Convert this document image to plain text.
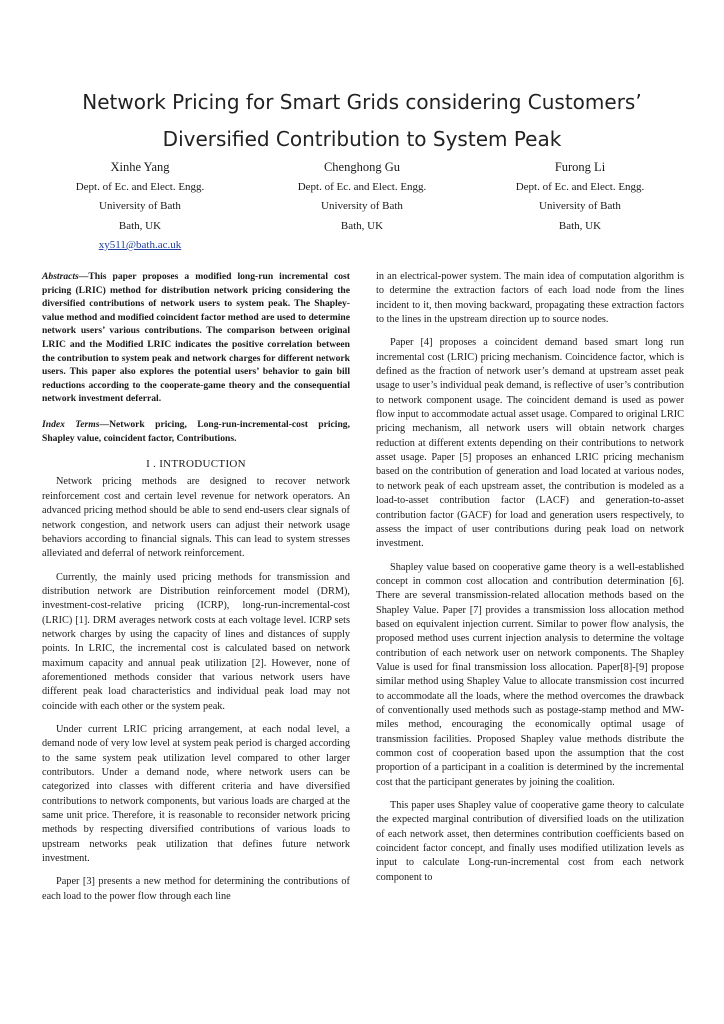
Network Pricing for Smart Grids considering Customers’
Diversified Contribution to System Peak
Xinhe Yang
Dept. of Ec. and Elect. Engg.
University of Bath
Bath, UK
xy511@bath.ac.uk
Chenghong Gu
Dept. of Ec. and Elect. Engg.
University of Bath
Bath, UK
Furong Li
Dept. of Ec. and Elect. Engg.
University of Bath
Bath, UK

Abstracts—This paper proposes a modified long-run incremental cost pricing (LRIC) method for distribution network pricing considering the diversified contributions of network users to system peak. The Shapley-value method and modified coincident factor method are used to determine network users’ various contributions. The comparison between original LRIC and the Modified LRIC indicates the positive correlation between the contribution to system peak and network charges for different network users. This paper also explores the potential users’ behavior to gain bill reductions according to the cooperate-game theory and the consequential network investment deferral.

Index Terms—Network pricing, Long-run-incremental-cost pricing, Shapley value, coincident factor, Contributions.

I . INTRODUCTION

Network pricing methods are designed to recover network reinforcement cost and certain level revenue for network operators. An advanced pricing method should be able to send end-users clear signals of network congestion, and network users can adjust their network usage behaviors according to financial signals. This can lead to system stresses alleviated and deferral of network reinforcement.

Currently, the mainly used pricing methods for transmission and distribution network are Distribution reinforcement model (DRM), investment-cost-relative pricing (ICRP), long-run-incremental-cost (LRIC) [1]. DRM averages network costs at each voltage level. ICRP sets network charges by using the capacity of lines and distances of supply points. In LRIC, the incremental cost is calculated based on network maximum capacity and annual peak utilization [2]. However, none of aforementioned methods consider that various network users have different peak load characteristics and individual peak load may not coincide with each other or the system peak.

Under current LRIC pricing arrangement, at each nodal level, a demand node of very low level at system peak period is charged according to the same system peak utilization level compared to other larger contributors. Under a demand node, where network users can be categorized into classes with different criteria and have diversified contributions to network components, but various loads are charged at the same unit price. Therefore, it is reasonable to reconsider network pricing methods by respecting diversified contributions of various loads to upstream networks peak utilization that defines future network investment.

Paper [3] presents a new method for determining the contributions of each load to the power flow through each line

in an electrical-power system. The main idea of computation algorithm is to determine the extraction factors of each load node from the lines incident to it, then moving backward, propagating these extraction factors to the lines in the upstream direction up to source nodes.

Paper [4] proposes a coincident demand based smart long run incremental cost (LRIC) pricing mechanism. Coincidence factor, which is defined as the fraction of network user’s demand at upstream asset peak usage to user’s individual peak demand, is reflective of user’s contribution to network component usage. The coincident demand is used as power flow input to accommodate actual asset usage. Compared to original LRIC pricing mechanism, all network users will obtain network charges reduction at different extents depending on their contributions to network asset usage. Paper [5] proposes an enhanced LRIC pricing mechanism based on the contribution of generation and load located at various nodes, to network peak of each upstream asset, the contribution is modeled as a load-to-asset contribution factor (LACF) and generation-to-asset contribution factor (GACF) for load and generation users respectively, to assess the impact of user contributions during peak load on network investment.

Shapley value based on cooperative game theory is a well-established concept in common cost allocation and contribution determination [6]. There are several transmission-related allocation methods based on the Shapley Value. Paper [7] provides a transmission loss allocation method based on equivalent injection current. Similar to power flow analysis, the proposed method uses current injection analysis to determine the voltage contribution of each network user on network components. The Shapley Value is used for final transmission loss allocation. Paper[8]-[9] propose similar method using Shapley Value to allocate transmission cost incurred to accommodate all the loads, where the method overcomes the drawback of conventionally used methods such as postage-stamp method and MW-miles method, encouraging the economically optimal usage of transmission facilities. Proposed Shapley value methods distribute the common cost of cooperation based upon the assumption that the cost proportion of a participant in a coalition is determined by the incremental cost that the participant generates by joining the coalition.

This paper uses Shapley value of cooperative game theory to calculate the expected marginal contribution of diversified loads on the utilization of each network asset, then determines contribution coefficients based on coincident factor concept, and finally uses modified utilization levels as input to calculate Long-run-incremental cost from each network component to
